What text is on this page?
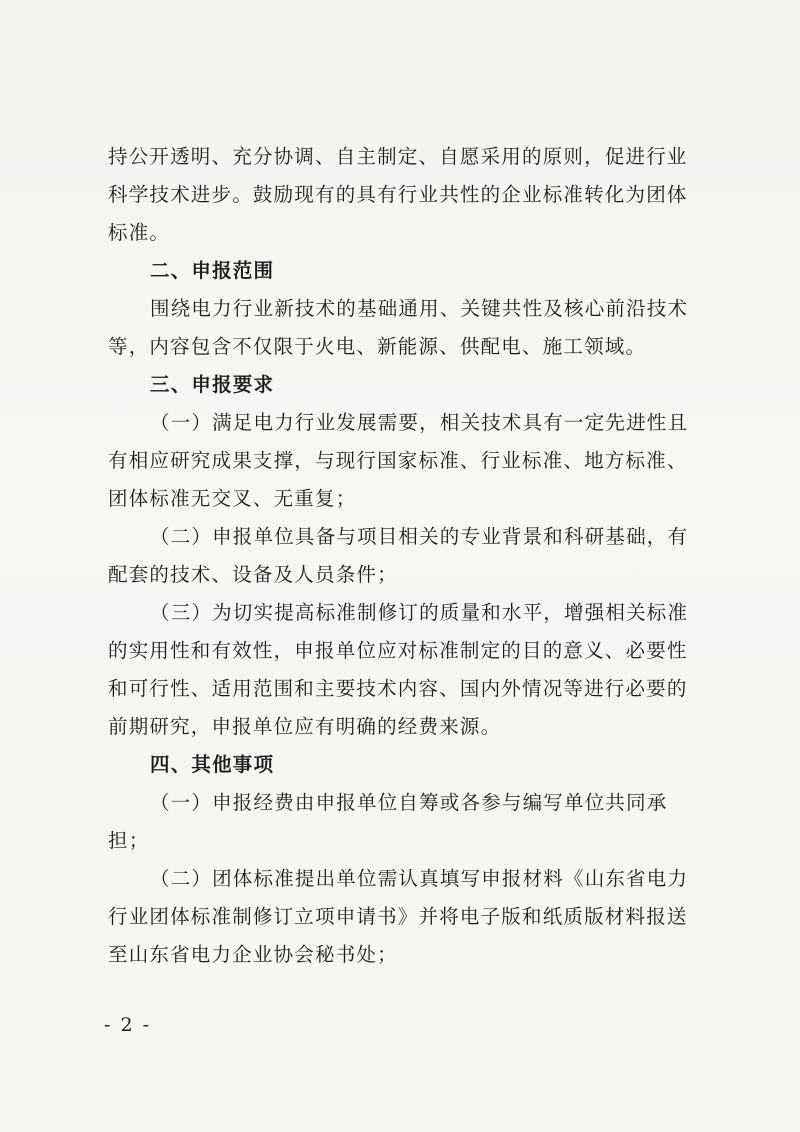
持公开透明、充分协调、自主制定、自愿采用的原则，促进行业科学技术进步。鼓励现有的具有行业共性的企业标准转化为团体标准。

二、申报范围

围绕电力行业新技术的基础通用、关键共性及核心前沿技术等，内容包含不仅限于火电、新能源、供配电、施工领域。

三、申报要求

（一）满足电力行业发展需要，相关技术具有一定先进性且有相应研究成果支撑，与现行国家标准、行业标准、地方标准、团体标准无交叉、无重复；

（二）申报单位具备与项目相关的专业背景和科研基础，有配套的技术、设备及人员条件；

（三）为切实提高标准制修订的质量和水平，增强相关标准的实用性和有效性，申报单位应对标准制定的目的意义、必要性和可行性、适用范围和主要技术内容、国内外情况等进行必要的前期研究，申报单位应有明确的经费来源。

四、其他事项

（一）申报经费由申报单位自筹或各参与编写单位共同承担；

（二）团体标准提出单位需认真填写申报材料《山东省电力行业团体标准制修订立项申请书》并将电子版和纸质版材料报送至山东省电力企业协会秘书处；

- 2 -
